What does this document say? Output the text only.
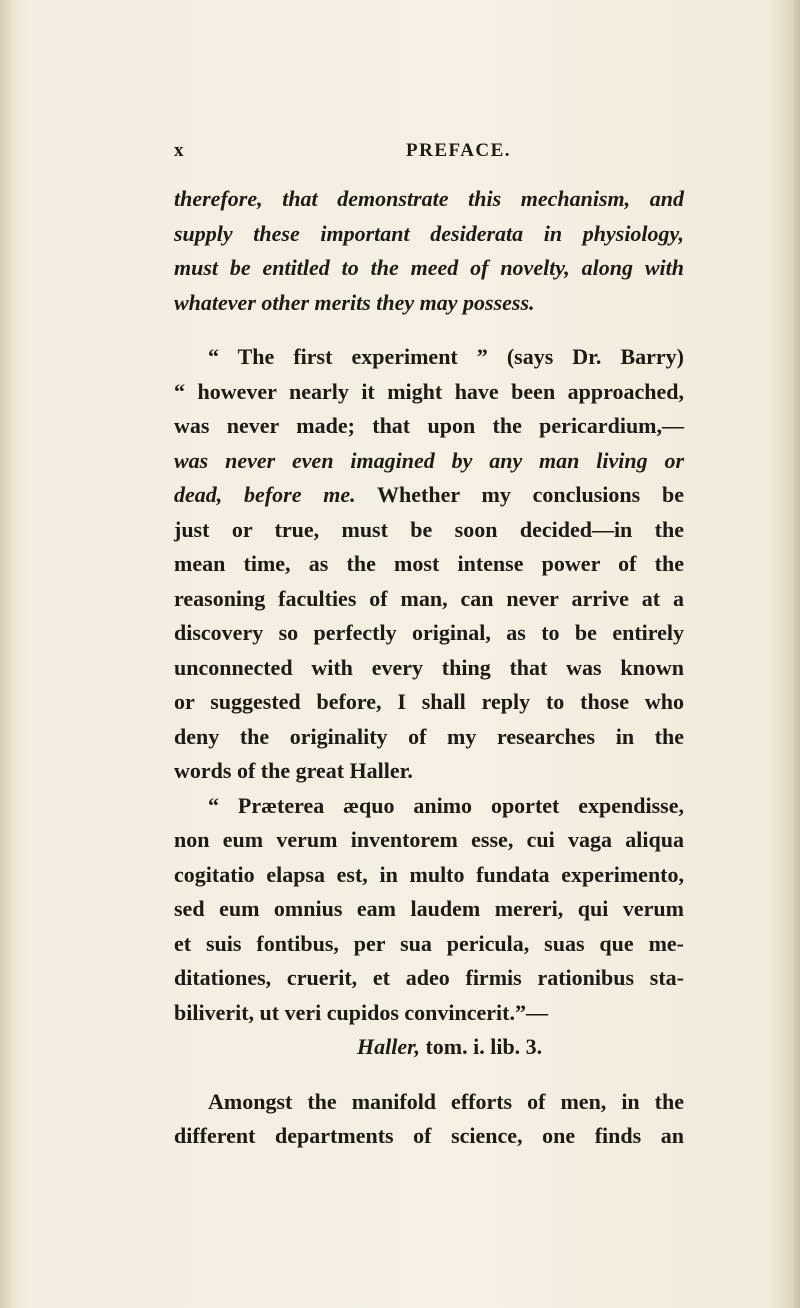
x	PREFACE.
therefore, that demonstrate this mechanism, and
supply these important desiderata in physiology,
must be entitled to the meed of novelty, along with
whatever other merits they may possess.
“ The first experiment ” (says Dr. Barry)
“ however nearly it might have been approached,
was never made; that upon the pericardium,—
was never even imagined by any man living or
dead, before me. Whether my conclusions be
just or true, must be soon decided—in the
mean time, as the most intense power of the
reasoning faculties of man, can never arrive at a
discovery so perfectly original, as to be entirely
unconnected with every thing that was known
or suggested before, I shall reply to those who
deny the originality of my researches in the
words of the great Haller.
“ Præterea æquo animo oportet expendisse,
non eum verum inventorem esse, cui vaga aliqua
cogitatio elapsa est, in multo fundata experimento,
sed eum omnius eam laudem mereri, qui verum
et suis fontibus, per sua pericula, suas que me-
ditationes, cruerit, et adeo firmis rationibus sta-
biliverit, ut veri cupidos convincerit.”—
Haller, tom. i. lib. 3.
Amongst the manifold efforts of men, in the
different departments of science, one finds an
